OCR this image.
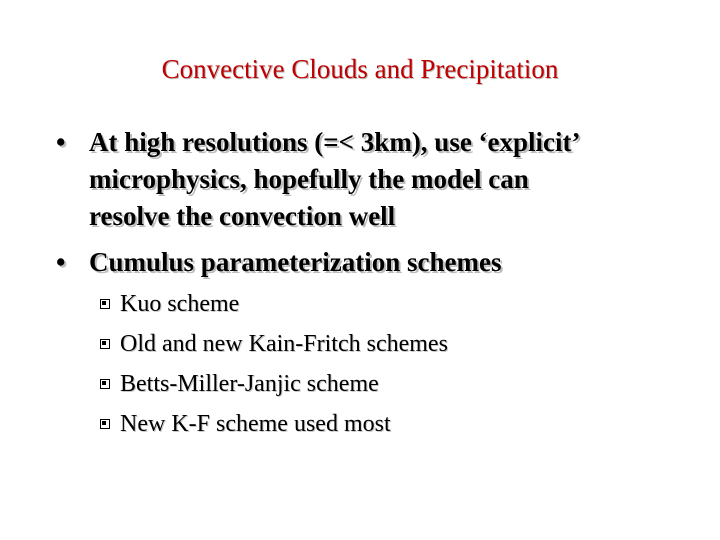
Convective Clouds and Precipitation
• At high resolutions (=< 3km), use ‘explicit’
microphysics, hopefully the model can
resolve the convection well
• Cumulus parameterization schemes
Kuo scheme
Old and new Kain-Fritch schemes
Betts-Miller-Janjic scheme
New K-F scheme used most
